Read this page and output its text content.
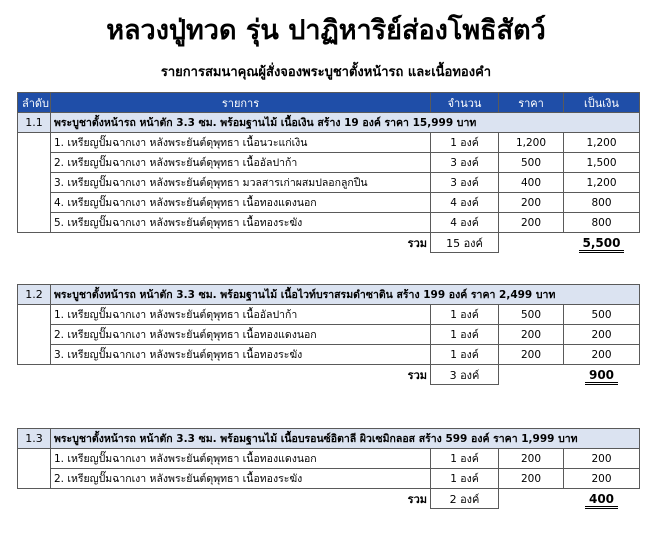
หลวงปู่ทวด รุ่น ปาฏิหาริย์ส่องโพธิสัตว์
รายการสมนาคุณผู้สั่งจองพระบูชาตั้งหน้ารถ และเนื้อทองคำ
ลำดับ	รายการ	จำนวน	ราคา	เป็นเงิน
1.1	พระบูชาตั้งหน้ารถ หน้าตัก 3.3 ซม. พร้อมฐานไม้ เนื้อเงิน สร้าง 19 องค์ ราคา 15,999 บาท			
	1. เหรียญปั๊มฉากเงา หลังพระยันต์ดุพุทธา เนื้อนวะแก่เงิน	1 องค์	1,200	1,200
	2. เหรียญปั๊มฉากเงา หลังพระยันต์ดุพุทธา เนื้ออัลปาก้า	3 องค์	500	1,500
	3. เหรียญปั๊มฉากเงา หลังพระยันต์ดุพุทธา มวลสารเก่าผสมปลอกลูกปืน	3 องค์	400	1,200
	4. เหรียญปั๊มฉากเงา หลังพระยันต์ดุพุทธา เนื้อทองแดงนอก	4 องค์	200	800
	5. เหรียญปั๊มฉากเงา หลังพระยันต์ดุพุทธา เนื้อทองระฆัง	4 องค์	200	800
	รวม	15 องค์		5,500
1.2	พระบูชาตั้งหน้ารถ หน้าตัก 3.3 ซม. พร้อมฐานไม้ เนื้อไวท์บราสรมดำซาติน สร้าง 199 องค์ ราคา 2,499 บาท			
	1. เหรียญปั๊มฉากเงา หลังพระยันต์ดุพุทธา เนื้ออัลปาก้า	1 องค์	500	500
	2. เหรียญปั๊มฉากเงา หลังพระยันต์ดุพุทธา เนื้อทองแดงนอก	1 องค์	200	200
	3. เหรียญปั๊มฉากเงา หลังพระยันต์ดุพุทธา เนื้อทองระฆัง	1 องค์	200	200
	รวม	3 องค์		900
1.3	พระบูชาตั้งหน้ารถ หน้าตัก 3.3 ซม. พร้อมฐานไม้ เนื้อบรอนซ์อิตาลี ผิวเซมิกลอส สร้าง 599 องค์ ราคา 1,999 บาท			
	1. เหรียญปั๊มฉากเงา หลังพระยันต์ดุพุทธา เนื้อทองแดงนอก	1 องค์	200	200
	2. เหรียญปั๊มฉากเงา หลังพระยันต์ดุพุทธา เนื้อทองระฆัง	1 องค์	200	200
	รวม	2 องค์		400
